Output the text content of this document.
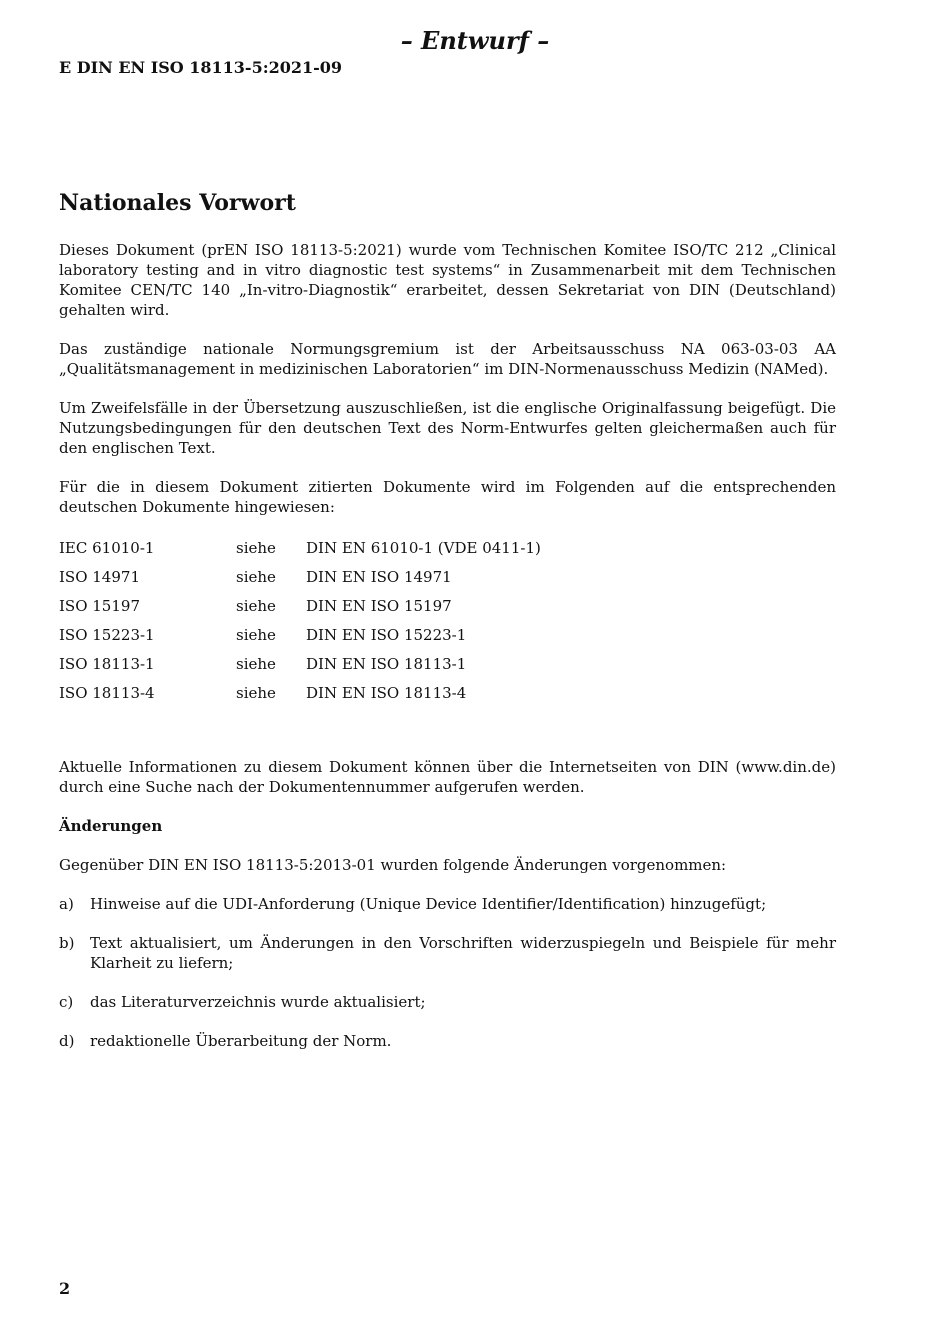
– Entwurf –
E DIN EN ISO 18113-5:2021-09
Nationales Vorwort

Dieses Dokument (prEN ISO 18113-5:2021) wurde vom Technischen Komitee ISO/TC 212 „Clinical laboratory testing and in vitro diagnostic test systems“ in Zusammenarbeit mit dem Technischen Komitee CEN/TC 140 „In-vitro-Diagnostik“ erarbeitet, dessen Sekretariat von DIN (Deutschland) gehalten wird.

Das zuständige nationale Normungsgremium ist der Arbeitsausschuss NA 063-03-03 AA „Qualitätsmanagement in medizinischen Laboratorien“ im DIN-Normenausschuss Medizin (NAMed).

Um Zweifelsfälle in der Übersetzung auszuschließen, ist die englische Originalfassung beigefügt. Die Nutzungsbedingungen für den deutschen Text des Norm-Entwurfes gelten gleichermaßen auch für den englischen Text.

Für die in diesem Dokument zitierten Dokumente wird im Folgenden auf die entsprechenden deutschen Dokumente hingewiesen:

IEC 61010-1	siehe	DIN EN 61010-1 (VDE 0411-1)
ISO 14971	siehe	DIN EN ISO 14971
ISO 15197	siehe	DIN EN ISO 15197
ISO 15223-1	siehe	DIN EN ISO 15223-1
ISO 18113-1	siehe	DIN EN ISO 18113-1
ISO 18113-4	siehe	DIN EN ISO 18113-4

Aktuelle Informationen zu diesem Dokument können über die Internetseiten von DIN (www.din.de) durch eine Suche nach der Dokumentennummer aufgerufen werden.

Änderungen

Gegenüber DIN EN ISO 18113-5:2013-01 wurden folgende Änderungen vorgenommen:

a) Hinweise auf die UDI-Anforderung (Unique Device Identifier/Identification) hinzugefügt;
b) Text aktualisiert, um Änderungen in den Vorschriften widerzuspiegeln und Beispiele für mehr Klarheit zu liefern;
c) das Literaturverzeichnis wurde aktualisiert;
d) redaktionelle Überarbeitung der Norm.
2
